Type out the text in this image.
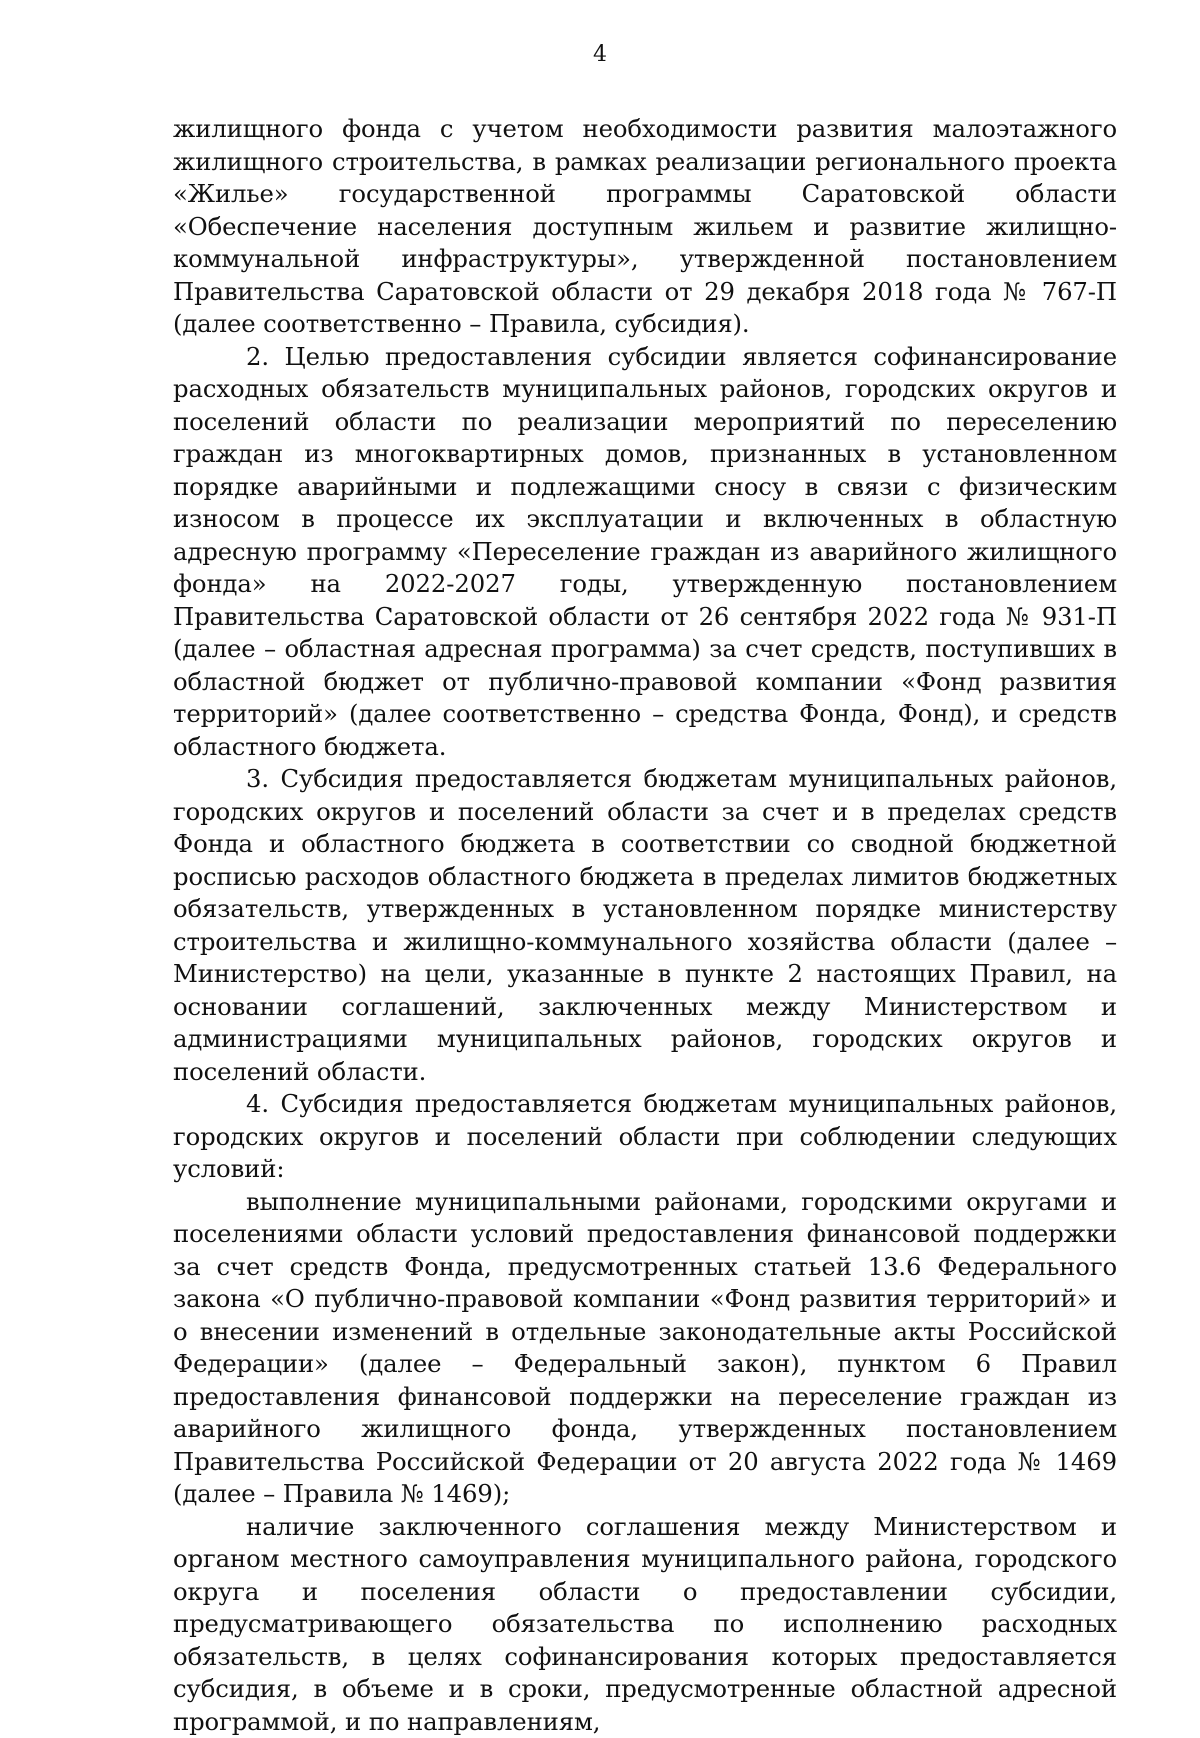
4

жилищного фонда с учетом необходимости развития малоэтажного жилищного строительства, в рамках реализации регионального проекта «Жилье» государственной программы Саратовской области «Обеспечение населения доступным жильем и развитие жилищно-коммунальной инфраструктуры», утвержденной постановлением Правительства Саратовской области от 29 декабря 2018 года № 767-П (далее соответственно – Правила, субсидия).

2. Целью предоставления субсидии является софинансирование расходных обязательств муниципальных районов, городских округов и поселений области по реализации мероприятий по переселению граждан из многоквартирных домов, признанных в установленном порядке аварийными и подлежащими сносу в связи с физическим износом в процессе их эксплуатации и включенных в областную адресную программу «Переселение граждан из аварийного жилищного фонда» на 2022-2027 годы, утвержденную постановлением Правительства Саратовской области от 26 сентября 2022 года № 931-П (далее – областная адресная программа) за счет средств, поступивших в областной бюджет от публично-правовой компании «Фонд развития территорий» (далее соответственно – средства Фонда, Фонд), и средств областного бюджета.

3. Субсидия предоставляется бюджетам муниципальных районов, городских округов и поселений области за счет и в пределах средств Фонда и областного бюджета в соответствии со сводной бюджетной росписью расходов областного бюджета в пределах лимитов бюджетных обязательств, утвержденных в установленном порядке министерству строительства и жилищно-коммунального хозяйства области (далее – Министерство) на цели, указанные в пункте 2 настоящих Правил, на основании соглашений, заключенных между Министерством и администрациями муниципальных районов, городских округов и поселений области.

4. Субсидия предоставляется бюджетам муниципальных районов, городских округов и поселений области при соблюдении следующих условий:

выполнение муниципальными районами, городскими округами и поселениями области условий предоставления финансовой поддержки за счет средств Фонда, предусмотренных статьей 13.6 Федерального закона «О публично-правовой компании «Фонд развития территорий» и о внесении изменений в отдельные законодательные акты Российской Федерации» (далее – Федеральный закон), пунктом 6 Правил предоставления финансовой поддержки на переселение граждан из аварийного жилищного фонда, утвержденных постановлением Правительства Российской Федерации от 20 августа 2022 года № 1469 (далее – Правила № 1469);

наличие заключенного соглашения между Министерством и органом местного самоуправления муниципального района, городского округа и поселения области о предоставлении субсидии, предусматривающего обязательства по исполнению расходных обязательств, в целях софинансирования которых предоставляется субсидия, в объеме и в сроки, предусмотренные областной адресной программой, и по направлениям,
